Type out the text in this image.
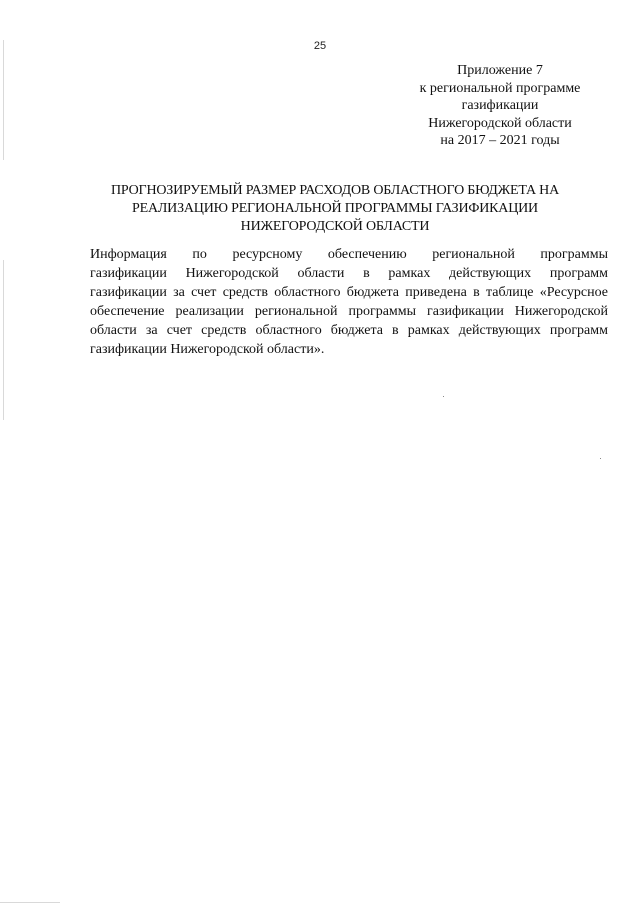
25
Приложение 7
к региональной программе
газификации
Нижегородской области
на 2017 – 2021 годы
ПРОГНОЗИРУЕМЫЙ РАЗМЕР РАСХОДОВ ОБЛАСТНОГО БЮДЖЕТА НА
РЕАЛИЗАЦИЮ РЕГИОНАЛЬНОЙ ПРОГРАММЫ ГАЗИФИКАЦИИ
НИЖЕГОРОДСКОЙ ОБЛАСТИ
Информация по ресурсному обеспечению региональной программы
газификации Нижегородской области в рамках действующих программ
газификации за счет средств областного бюджета приведена в таблице «Ресурсное
обеспечение реализации региональной программы газификации Нижегородской
области за счет средств областного бюджета в рамках действующих программ
газификации Нижегородской области».
